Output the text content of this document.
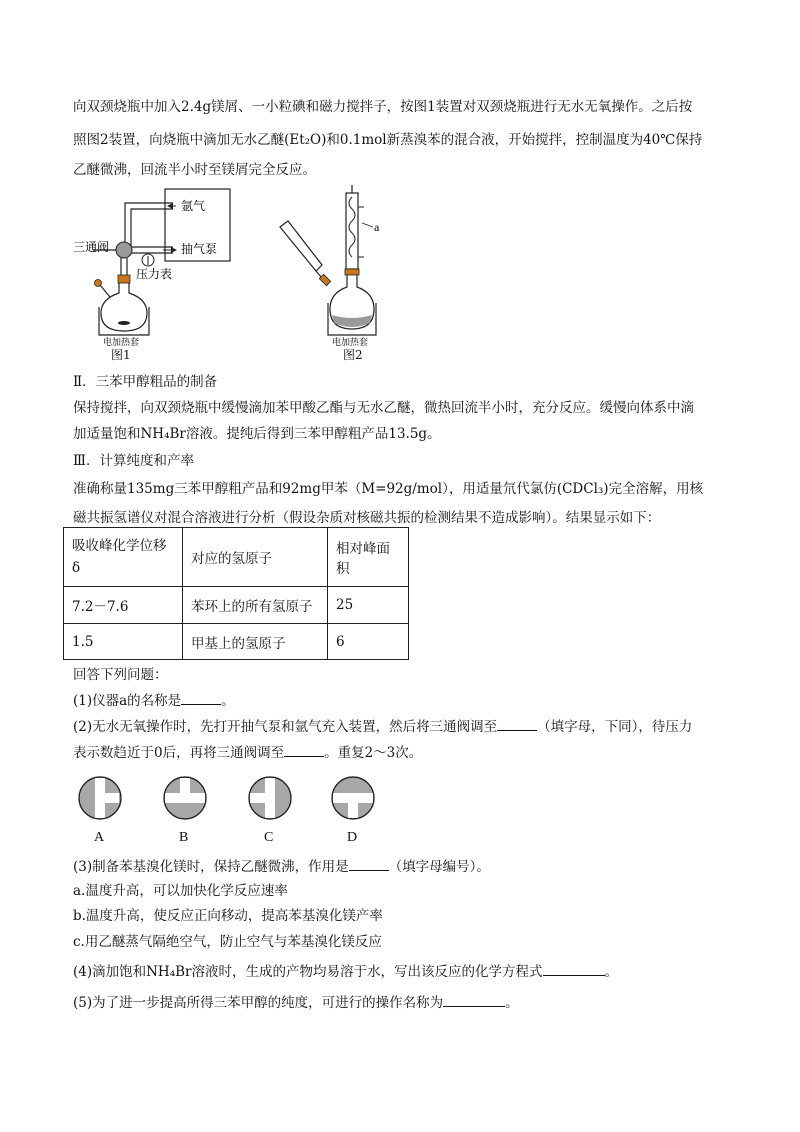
向双颈烧瓶中加入2.4g镁屑、一小粒碘和磁力搅拌子，按图1装置对双颈烧瓶进行无水无氧操作。之后按
照图2装置，向烧瓶中滴加无水乙醚(Et₂O)和0.1mol新蒸溴苯的混合液，开始搅拌，控制温度为40℃保持
乙醚微沸，回流半小时至镁屑完全反应。
氩气
抽气泵
三通阀
压力表
电加热套
图1
a
电加热套
图2
Ⅱ．三苯甲醇粗品的制备
保持搅拌，向双颈烧瓶中缓慢滴加苯甲酸乙酯与无水乙醚，微热回流半小时，充分反应。缓慢向体系中滴
加适量饱和NH₄Br溶液。提纯后得到三苯甲醇粗产品13.5g。
Ⅲ．计算纯度和产率
准确称量135mg三苯甲醇粗产品和92mg甲苯（M=92g/mol），用适量氘代氯仿(CDCl₃)完全溶解，用核
磁共振氢谱仪对混合溶液进行分析（假设杂质对核磁共振的检测结果不造成影响）。结果显示如下：
吸收峰化学位移δ	对应的氢原子	相对峰面积
7.2－7.6	苯环上的所有氢原子	25
1.5	甲基上的氢原子	6
回答下列问题：
(1)仪器a的名称是	。
(2)无水无氧操作时，先打开抽气泵和氩气充入装置，然后将三通阀调至	（填字母，下同），待压力
表示数趋近于0后，再将三通阀调至	。重复2～3次。
A	B	C	D
(3)制备苯基溴化镁时，保持乙醚微沸，作用是	（填字母编号）。
a.温度升高，可以加快化学反应速率
b.温度升高，使反应正向移动，提高苯基溴化镁产率
c.用乙醚蒸气隔绝空气，防止空气与苯基溴化镁反应
(4)滴加饱和NH₄Br溶液时，生成的产物均易溶于水，写出该反应的化学方程式	。
(5)为了进一步提高所得三苯甲醇的纯度，可进行的操作名称为	。
